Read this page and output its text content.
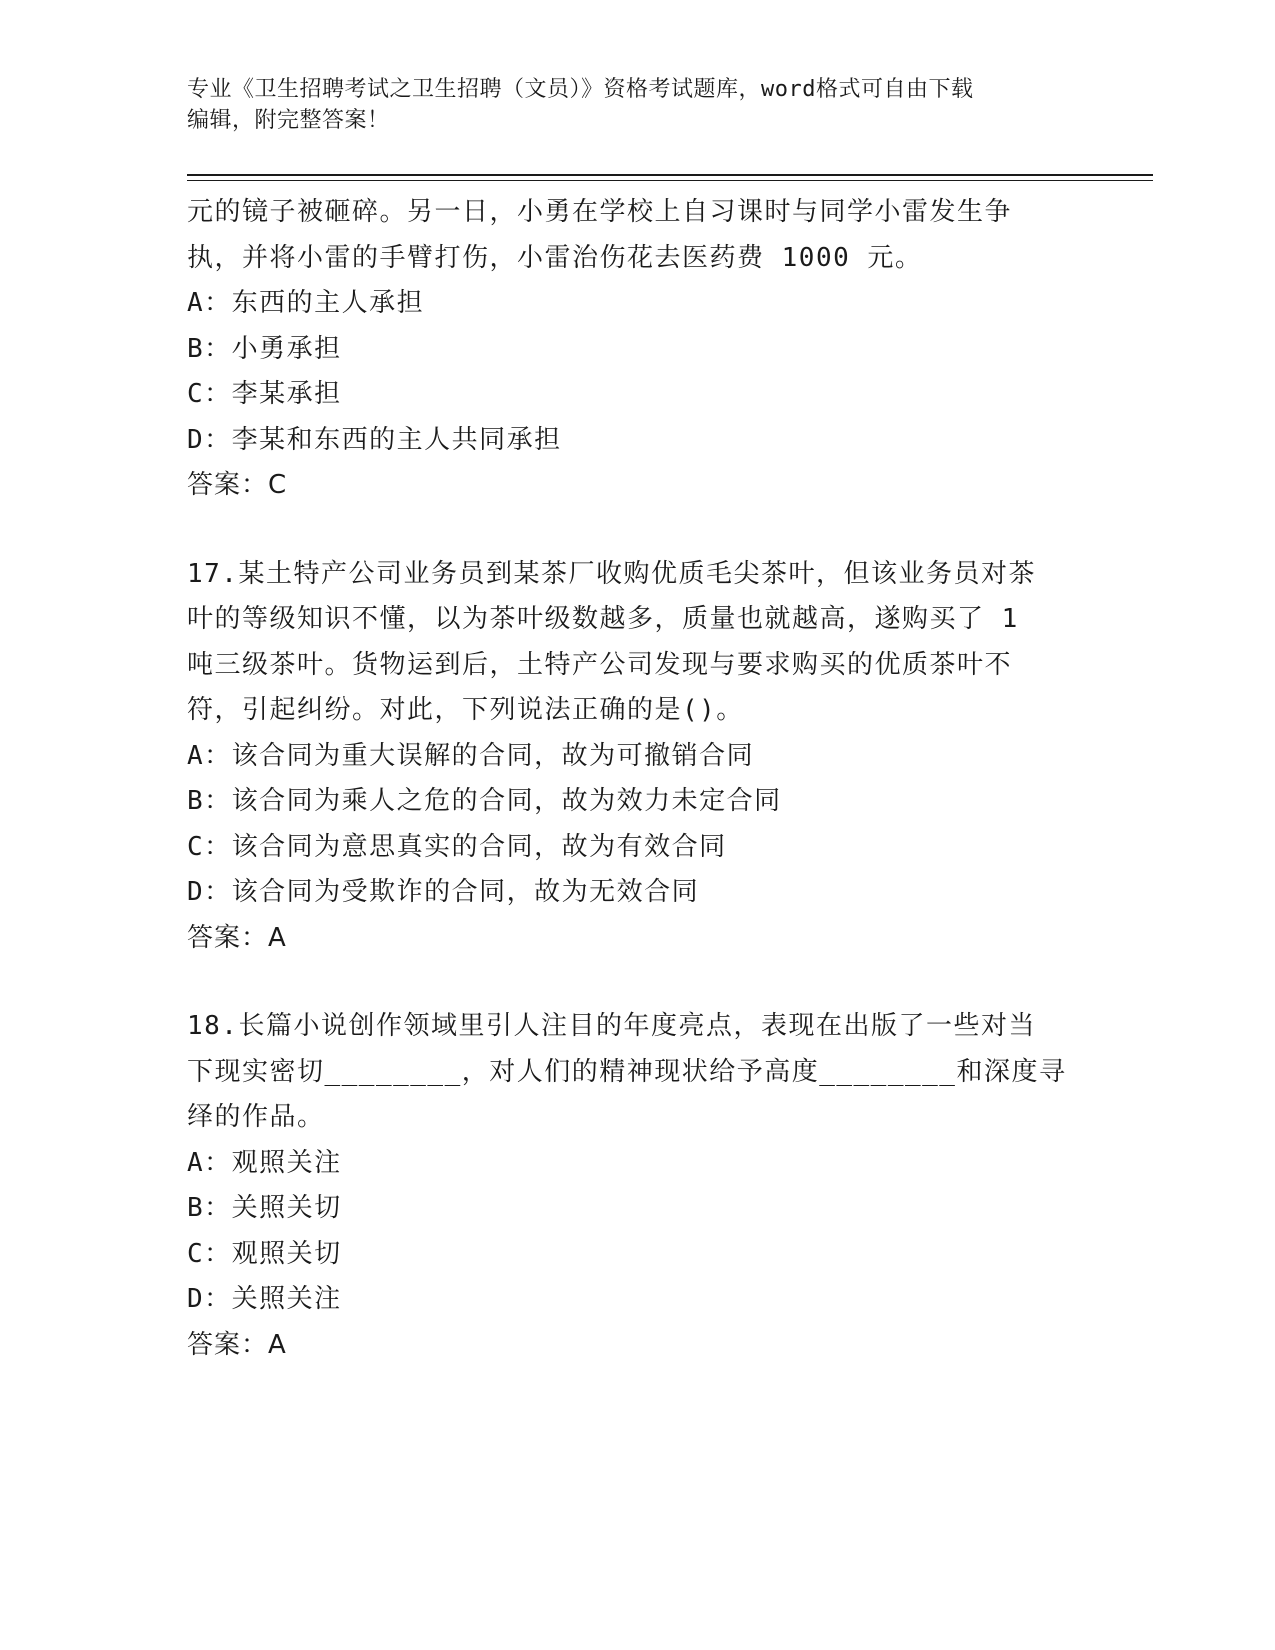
专业《卫生招聘考试之卫生招聘（文员）》资格考试题库，word格式可自由下载
编辑，附完整答案！
元的镜子被砸碎。另一日，小勇在学校上自习课时与同学小雷发生争
执，并将小雷的手臂打伤，小雷治伤花去医药费 1000 元。
A：东西的主人承担
B：小勇承担
C：李某承担
D：李某和东西的主人共同承担
答案：C
17.某土特产公司业务员到某茶厂收购优质毛尖茶叶，但该业务员对茶
叶的等级知识不懂，以为茶叶级数越多，质量也就越高，遂购买了 1
吨三级茶叶。货物运到后，土特产公司发现与要求购买的优质茶叶不
符，引起纠纷。对此，下列说法正确的是()。
A：该合同为重大误解的合同，故为可撤销合同
B：该合同为乘人之危的合同，故为效力未定合同
C：该合同为意思真实的合同，故为有效合同
D：该合同为受欺诈的合同，故为无效合同
答案：A
18.长篇小说创作领域里引人注目的年度亮点，表现在出版了一些对当
下现实密切________，对人们的精神现状给予高度________和深度寻
绎的作品。
A：观照关注
B：关照关切
C：观照关切
D：关照关注
答案：A
